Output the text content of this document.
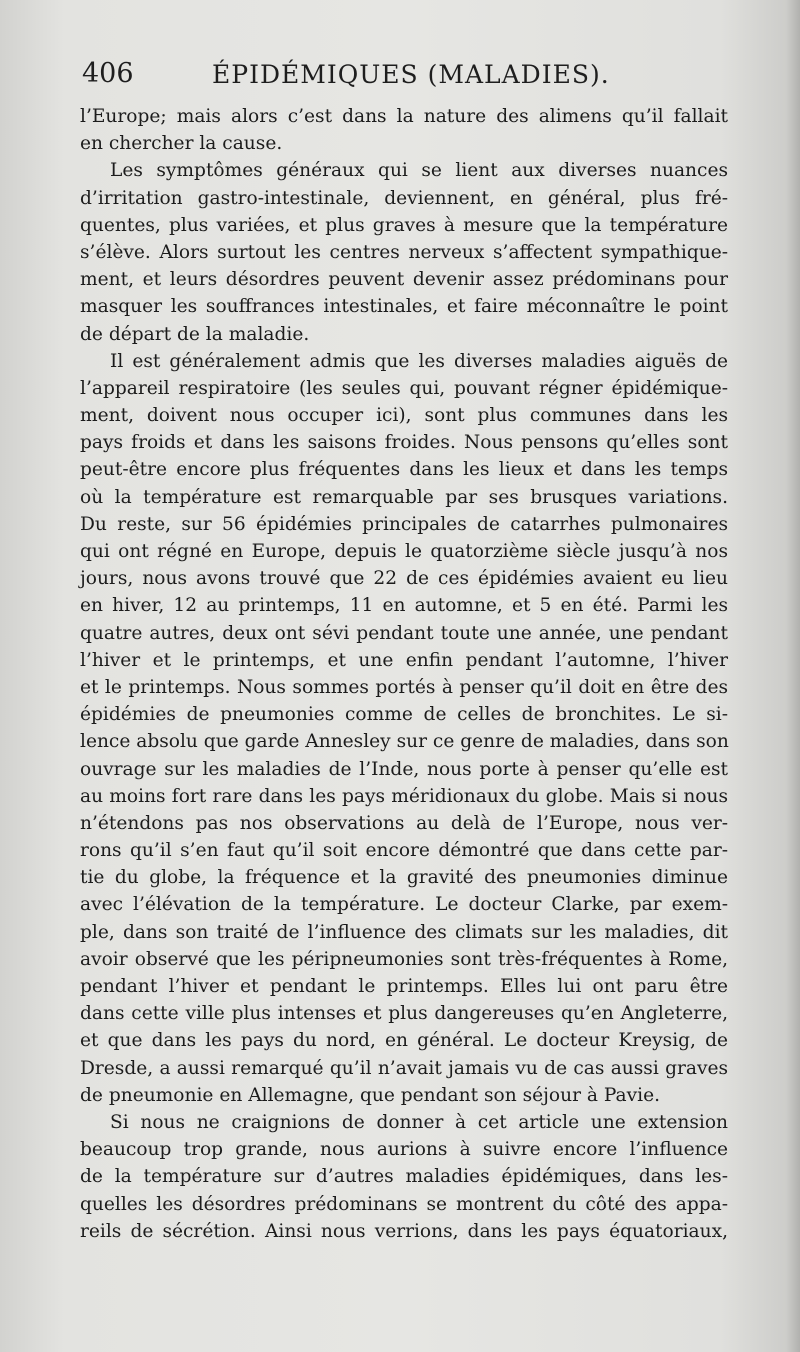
406	ÉPIDÉMIQUES (MALADIES).
l’Europe; mais alors c’est dans la nature des alimens qu’il fallait
en chercher la cause.
Les symptômes généraux qui se lient aux diverses nuances
d’irritation gastro-intestinale, deviennent, en général, plus fré-
quentes, plus variées, et plus graves à mesure que la température
s’élève. Alors surtout les centres nerveux s’affectent sympathique-
ment, et leurs désordres peuvent devenir assez prédominans pour
masquer les souffrances intestinales, et faire méconnaître le point
de départ de la maladie.
Il est généralement admis que les diverses maladies aiguës de
l’appareil respiratoire (les seules qui, pouvant régner épidémique-
ment, doivent nous occuper ici), sont plus communes dans les
pays froids et dans les saisons froides. Nous pensons qu’elles sont
peut-être encore plus fréquentes dans les lieux et dans les temps
où la température est remarquable par ses brusques variations.
Du reste, sur 56 épidémies principales de catarrhes pulmonaires
qui ont régné en Europe, depuis le quatorzième siècle jusqu’à nos
jours, nous avons trouvé que 22 de ces épidémies avaient eu lieu
en hiver, 12 au printemps, 11 en automne, et 5 en été. Parmi les
quatre autres, deux ont sévi pendant toute une année, une pendant
l’hiver et le printemps, et une enfin pendant l’automne, l’hiver
et le printemps. Nous sommes portés à penser qu’il doit en être des
épidémies de pneumonies comme de celles de bronchites. Le si-
lence absolu que garde Annesley sur ce genre de maladies, dans son
ouvrage sur les maladies de l’Inde, nous porte à penser qu’elle est
au moins fort rare dans les pays méridionaux du globe. Mais si nous
n’étendons pas nos observations au delà de l’Europe, nous ver-
rons qu’il s’en faut qu’il soit encore démontré que dans cette par-
tie du globe, la fréquence et la gravité des pneumonies diminue
avec l’élévation de la température. Le docteur Clarke, par exem-
ple, dans son traité de l’influence des climats sur les maladies, dit
avoir observé que les péripneumonies sont très-fréquentes à Rome,
pendant l’hiver et pendant le printemps. Elles lui ont paru être
dans cette ville plus intenses et plus dangereuses qu’en Angleterre,
et que dans les pays du nord, en général. Le docteur Kreysig, de
Dresde, a aussi remarqué qu’il n’avait jamais vu de cas aussi graves
de pneumonie en Allemagne, que pendant son séjour à Pavie.
Si nous ne craignions de donner à cet article une extension
beaucoup trop grande, nous aurions à suivre encore l’influence
de la température sur d’autres maladies épidémiques, dans les-
quelles les désordres prédominans se montrent du côté des appa-
reils de sécrétion. Ainsi nous verrions, dans les pays équatoriaux,
